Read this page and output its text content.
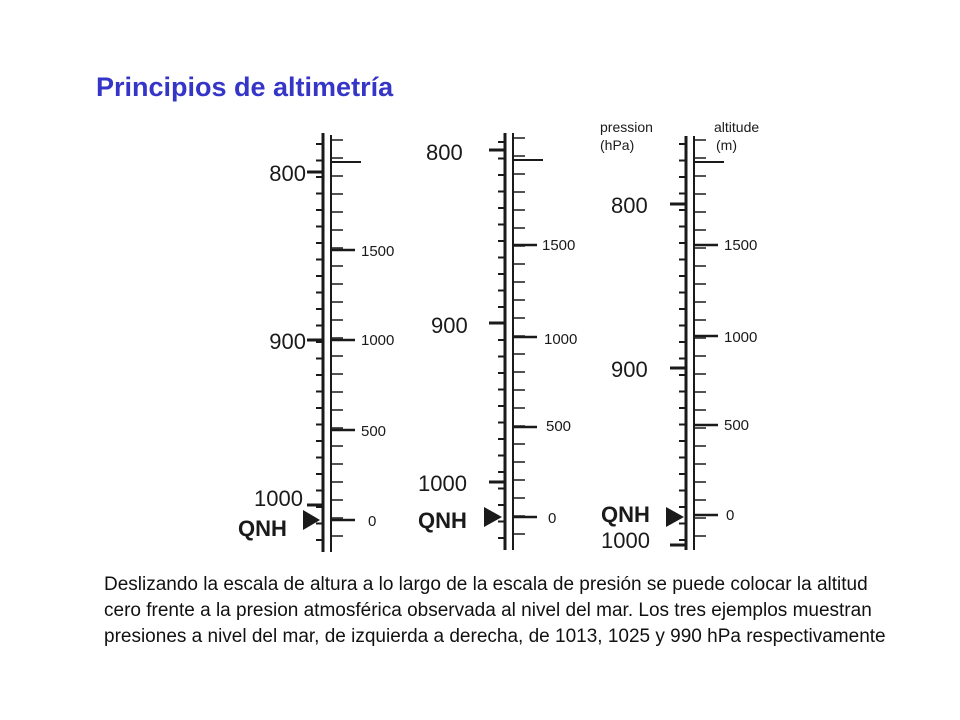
Principios de altimetría
pression
(hPa)
altitude
(m)
800
900
1000
1500
1000
500
0
QNH
800
900
1000
1500
1000
500
0
QNH
800
900
1000
1500
1000
500
0
QNH

Deslizando la escala de altura a lo largo de la escala de presión se puede colocar la altitud cero frente a la presion atmosférica observada al nivel del mar. Los tres ejemplos muestran presiones a nivel del mar, de izquierda a derecha, de 1013, 1025 y 990 hPa respectivamente
